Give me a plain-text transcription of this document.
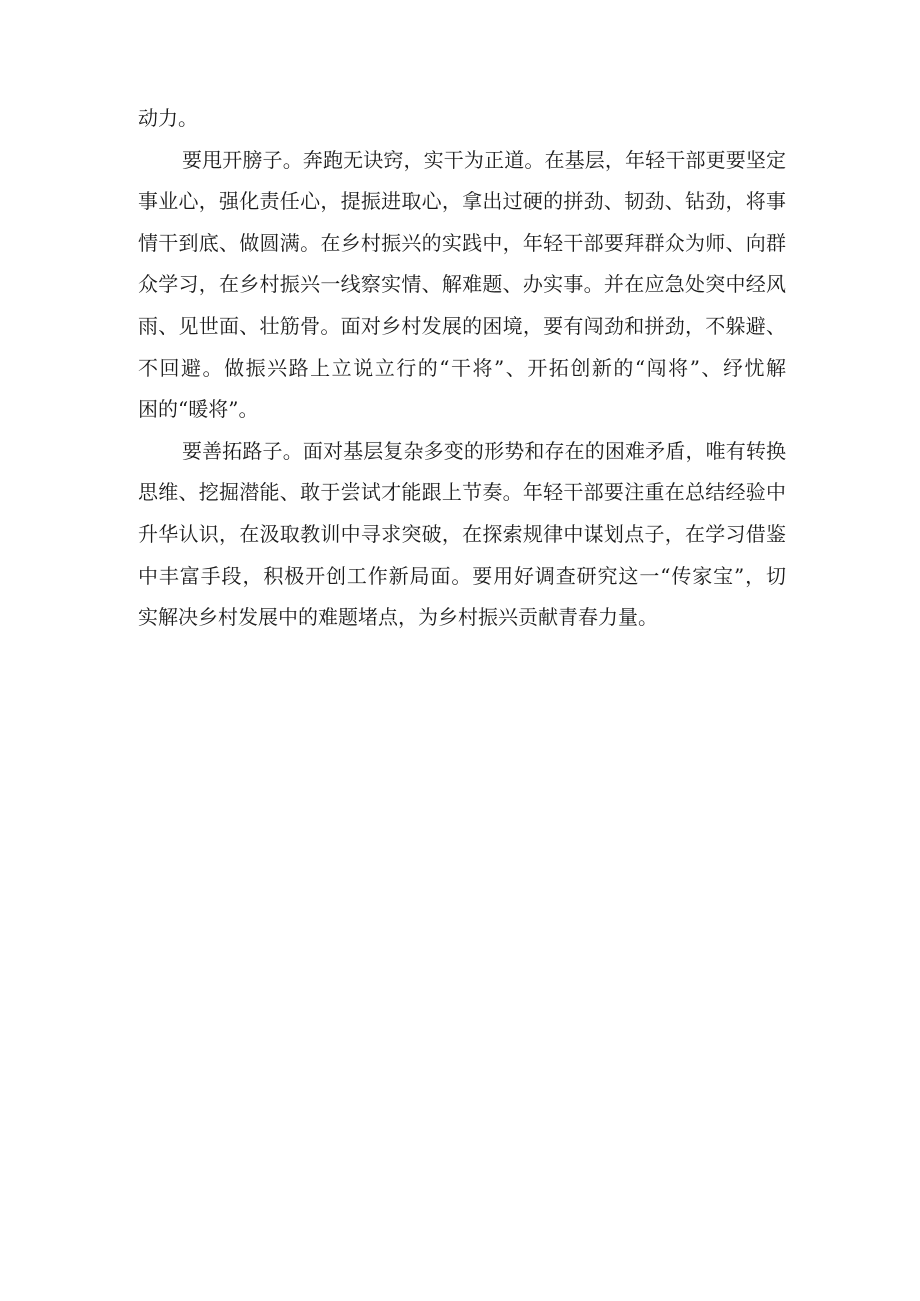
动力。
要甩开膀子。奔跑无诀窍，实干为正道。在基层，年轻干部更要坚定
事业心，强化责任心，提振进取心，拿出过硬的拼劲、韧劲、钻劲，将事
情干到底、做圆满。在乡村振兴的实践中，年轻干部要拜群众为师、向群
众学习，在乡村振兴一线察实情、解难题、办实事。并在应急处突中经风
雨、见世面、壮筋骨。面对乡村发展的困境，要有闯劲和拼劲，不躲避、
不回避。做振兴路上立说立行的“干将”、开拓创新的“闯将”、纾忧解
困的“暖将”。
要善拓路子。面对基层复杂多变的形势和存在的困难矛盾，唯有转换
思维、挖掘潜能、敢于尝试才能跟上节奏。年轻干部要注重在总结经验中
升华认识，在汲取教训中寻求突破，在探索规律中谋划点子，在学习借鉴
中丰富手段，积极开创工作新局面。要用好调查研究这一“传家宝”，切
实解决乡村发展中的难题堵点，为乡村振兴贡献青春力量。
